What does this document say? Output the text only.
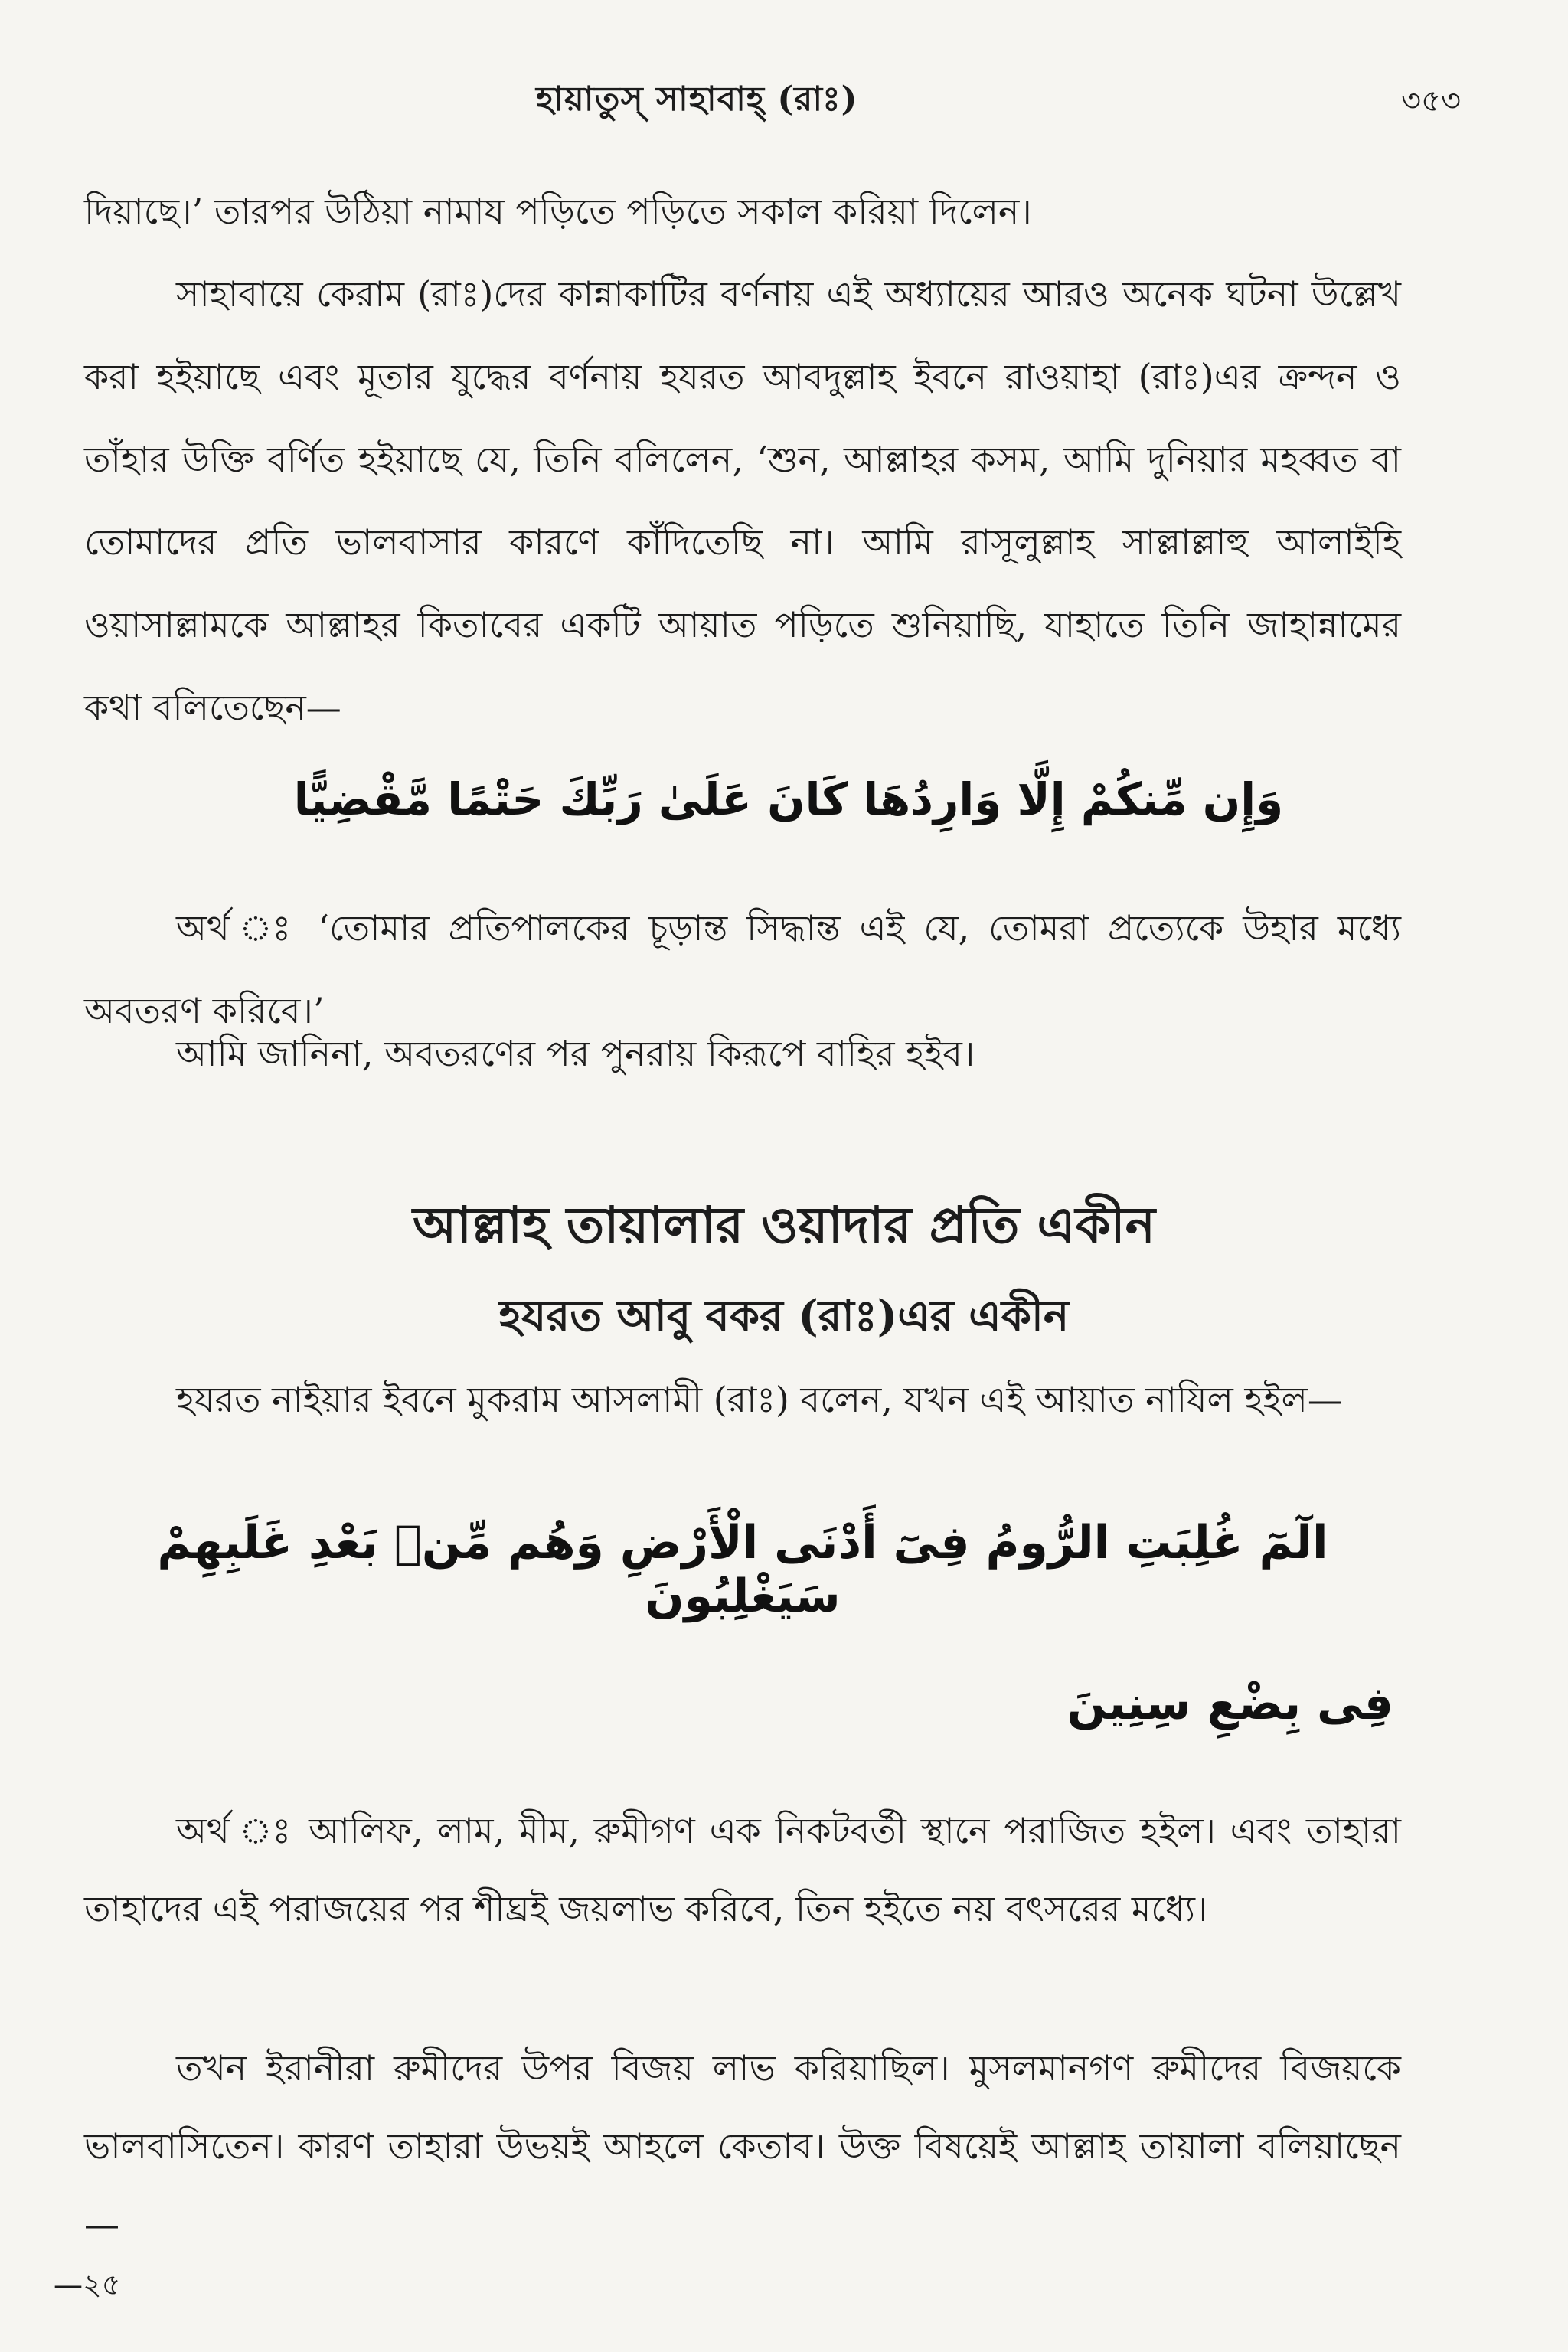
হায়াতুস্ সাহাবাহ্ (রাঃ)	৩৫৩
দিয়াছে।’ তারপর উঠিয়া নামায পড়িতে পড়িতে সকাল করিয়া দিলেন।
সাহাবায়ে কেরাম (রাঃ)দের কান্নাকাটির বর্ণনায় এই অধ্যায়ের আরও অনেক ঘটনা উল্লেখ করা হইয়াছে এবং মূতার যুদ্ধের বর্ণনায় হযরত আবদুল্লাহ ইবনে রাওয়াহা (রাঃ)এর ক্রন্দন ও তাঁহার উক্তি বর্ণিত হইয়াছে যে, তিনি বলিলেন, ‘শুন, আল্লাহর কসম, আমি দুনিয়ার মহব্বত বা তোমাদের প্রতি ভালবাসার কারণে কাঁদিতেছি না। আমি রাসূলুল্লাহ সাল্লাল্লাহু আলাইহি ওয়াসাল্লামকে আল্লাহর কিতাবের একটি আয়াত পড়িতে শুনিয়াছি, যাহাতে তিনি জাহান্নামের কথা বলিতেছেন—
وَإِن مِّنكُمْ إِلَّا وَارِدُهَا كَانَ عَلَىٰ رَبِّكَ حَتْمًا مَّقْضِيًّا
অর্থ ঃ ‘তোমার প্রতিপালকের চূড়ান্ত সিদ্ধান্ত এই যে, তোমরা প্রত্যেকে উহার মধ্যে অবতরণ করিবে।’
আমি জানিনা, অবতরণের পর পুনরায় কিরূপে বাহির হইব।
আল্লাহ তায়ালার ওয়াদার প্রতি একীন
হযরত আবু বকর (রাঃ)এর একীন
হযরত নাইয়ার ইবনে মুকরাম আসলামী (রাঃ) বলেন, যখন এই আয়াত নাযিল হইল—
الٓمٓ غُلِبَتِ الرُّومُ فِىٓ أَدْنَى الْأَرْضِ وَهُم مِّنۢ بَعْدِ غَلَبِهِمْ سَيَغْلِبُونَ
فِى بِضْعِ سِنِينَ
অর্থ ঃ আলিফ, লাম, মীম, রুমীগণ এক নিকটবর্তী স্থানে পরাজিত হইল। এবং তাহারা তাহাদের এই পরাজয়ের পর শীঘ্রই জয়লাভ করিবে, তিন হইতে নয় বৎসরের মধ্যে।
তখন ইরানীরা রুমীদের উপর বিজয় লাভ করিয়াছিল। মুসলমানগণ রুমীদের বিজয়কে ভালবাসিতেন। কারণ তাহারা উভয়ই আহলে কেতাব। উক্ত বিষয়েই আল্লাহ তায়ালা বলিয়াছেন—
—২৫
